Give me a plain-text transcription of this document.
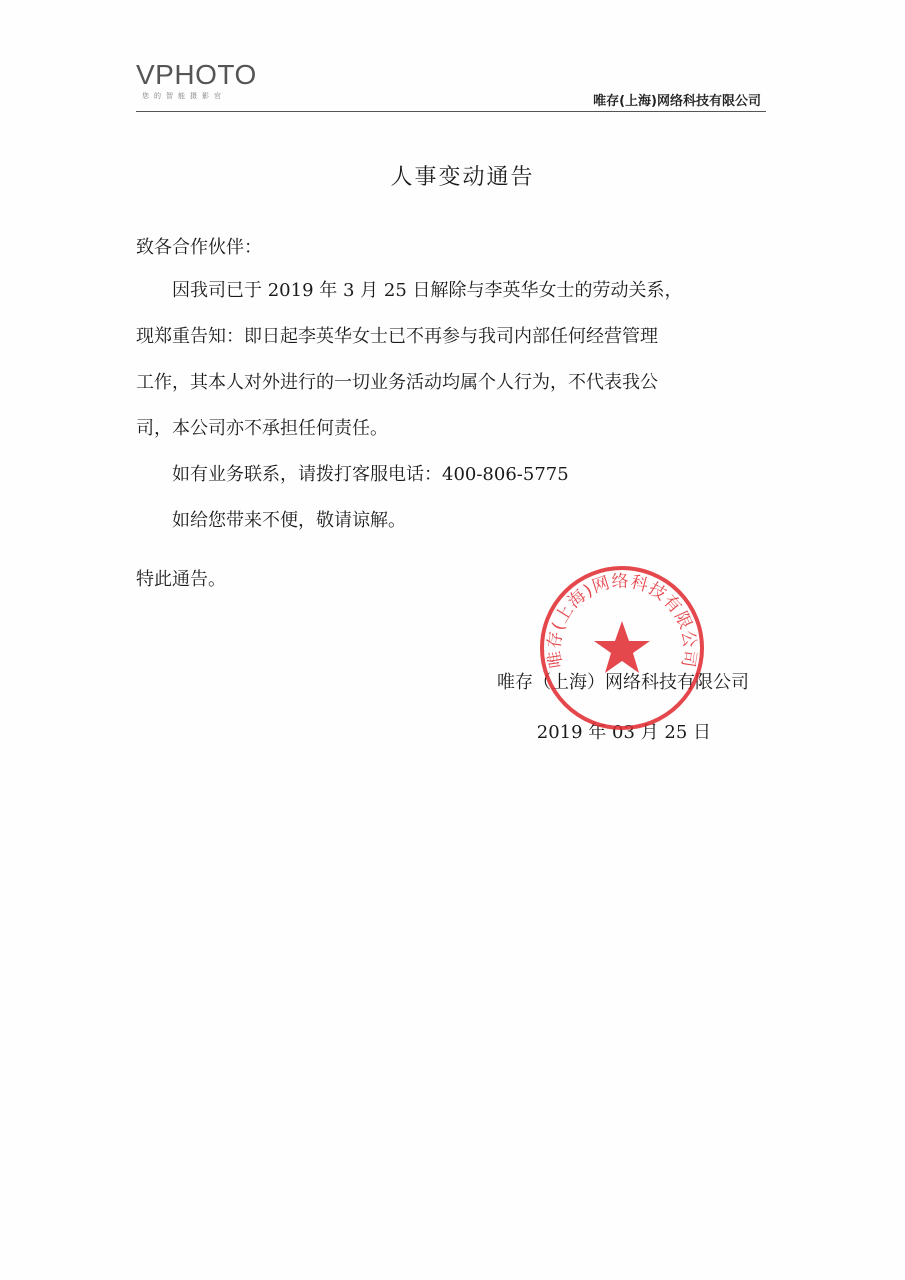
VPHOTO
您的智能摄影官	唯存(上海)网络科技有限公司
人事变动通告
致各合作伙伴：
因我司已于 2019 年 3 月 25 日解除与李英华女士的劳动关系，
现郑重告知：即日起李英华女士已不再参与我司内部任何经营管理
工作，其本人对外进行的一切业务活动均属个人行为，不代表我公
司，本公司亦不承担任何责任。
如有业务联系，请拨打客服电话：400-806-5775
如给您带来不便，敬请谅解。
特此通告。
唯存（上海）网络科技有限公司
2019 年 03 月 25 日
唯存(上海)网络科技有限公司
